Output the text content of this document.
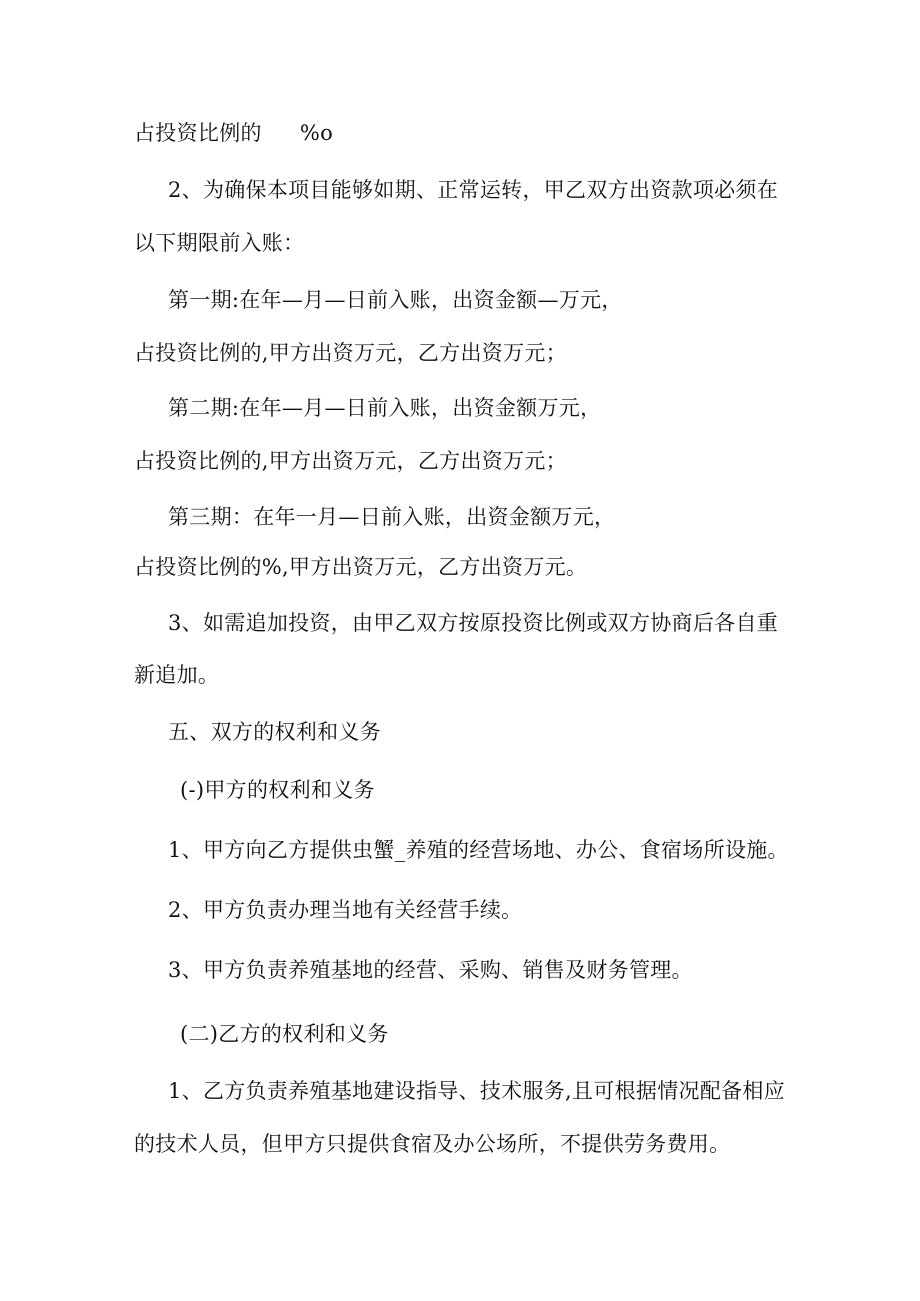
占投资比例的 %o
2、为确保本项目能够如期、正常运转，甲乙双方出资款项必须在
以下期限前入账：
第一期:在年—月—日前入账，出资金额—万元，
占投资比例的,甲方出资万元，乙方出资万元；
第二期:在年—月—日前入账，出资金额万元，
占投资比例的,甲方出资万元，乙方出资万元；
第三期：在年一月—日前入账，出资金额万元，
占投资比例的%,甲方出资万元，乙方出资万元。
3、如需追加投资，由甲乙双方按原投资比例或双方协商后各自重
新追加。
五、双方的权利和义务
(-)甲方的权利和义务
1、甲方向乙方提供虫蟹_养殖的经营场地、办公、食宿场所设施。
2、甲方负责办理当地有关经营手续。
3、甲方负责养殖基地的经营、采购、销售及财务管理。
(二)乙方的权利和义务
1、乙方负责养殖基地建设指导、技术服务,且可根据情况配备相应
的技术人员，但甲方只提供食宿及办公场所，不提供劳务费用。
